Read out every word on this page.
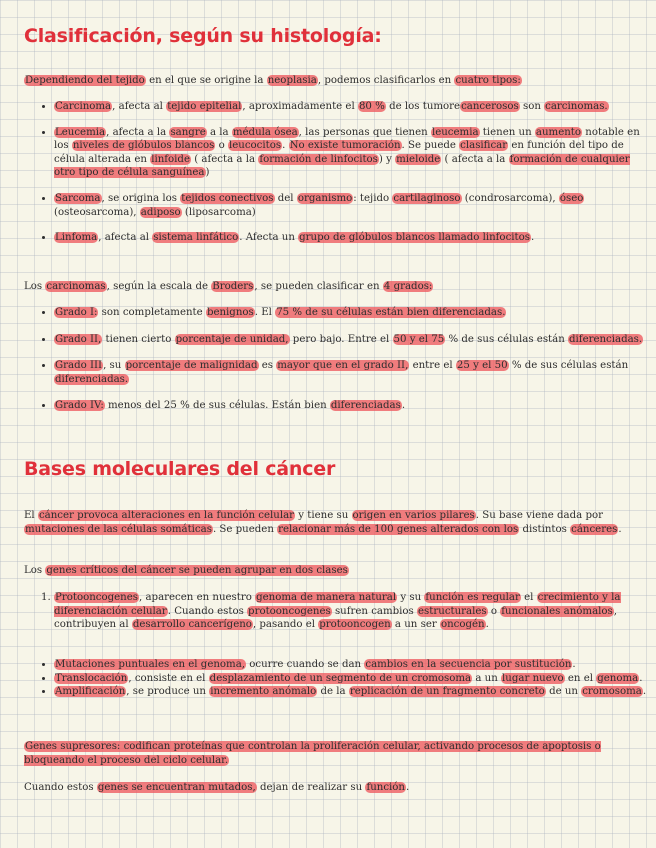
Clasificación, según su histología:

Dependiendo del tejido en el que se origine la neoplasia, podemos clasificarlos en cuatro tipos:

• Carcinoma, afecta al tejido epitelial, aproximadamente el 80 % de los tumorecancerosos son carcinomas.
• Leucemia, afecta a la sangre a la médula ósea, las personas que tienen leucemia tienen un aumento notable en los niveles de glóbulos blancos o leucocitos. No existe tumoración. Se puede clasificar en función del tipo de célula alterada en linfoide ( afecta a la formación de linfocitos) y mieloide ( afecta a la formación de cualquier otro tipo de célula sanguínea)
• Sarcoma, se origina los tejidos conectivos del organismo: tejido cartilaginoso (condrosarcoma), óseo (osteosarcoma), adiposo (liposarcoma)
• Linfoma, afecta al sistema linfático. Afecta un grupo de glóbulos blancos llamado linfocitos.

Los carcinomas, según la escala de Broders, se pueden clasificar en 4 grados:

• Grado I: son completamente benignos. El 75 % de su células están bien diferenciadas.
• Grado II, tienen cierto porcentaje de unidad, pero bajo. Entre el 50 y el 75 % de sus células están diferenciadas.
• Grado III, su porcentaje de malignidad es mayor que en el grado II, entre el 25 y el 50 % de sus células están diferenciadas.
• Grado IV: menos del 25 % de sus células. Están bien diferenciadas.
Bases moleculares del cáncer

El cáncer provoca alteraciones en la función celular y tiene su origen en varios pilares. Su base viene dada por mutaciones de las células somáticas. Se pueden relacionar más de 100 genes alterados con los distintos cánceres.

Los genes críticos del cáncer se pueden agrupar en dos clases

1. Protooncogenes, aparecen en nuestro genoma de manera natural y su función es regular el crecimiento y la diferenciación celular. Cuando estos protooncogenes sufren cambios estructurales o funcionales anómalos, contribuyen al desarrollo cancerígeno, pasando el protooncogen a un ser oncogén.
• Mutaciones puntuales en el genoma, ocurre cuando se dan cambios en la secuencia por sustitución.
• Translocación, consiste en el desplazamiento de un segmento de un cromosoma a un lugar nuevo en el genoma.
• Amplificación, se produce un incremento anómalo de la replicación de un fragmento concreto de un cromosoma.

Genes supresores: codifican proteínas que controlan la proliferación celular, activando procesos de apoptosis o bloqueando el proceso del ciclo celular.

Cuando estos genes se encuentran mutados, dejan de realizar su función.
